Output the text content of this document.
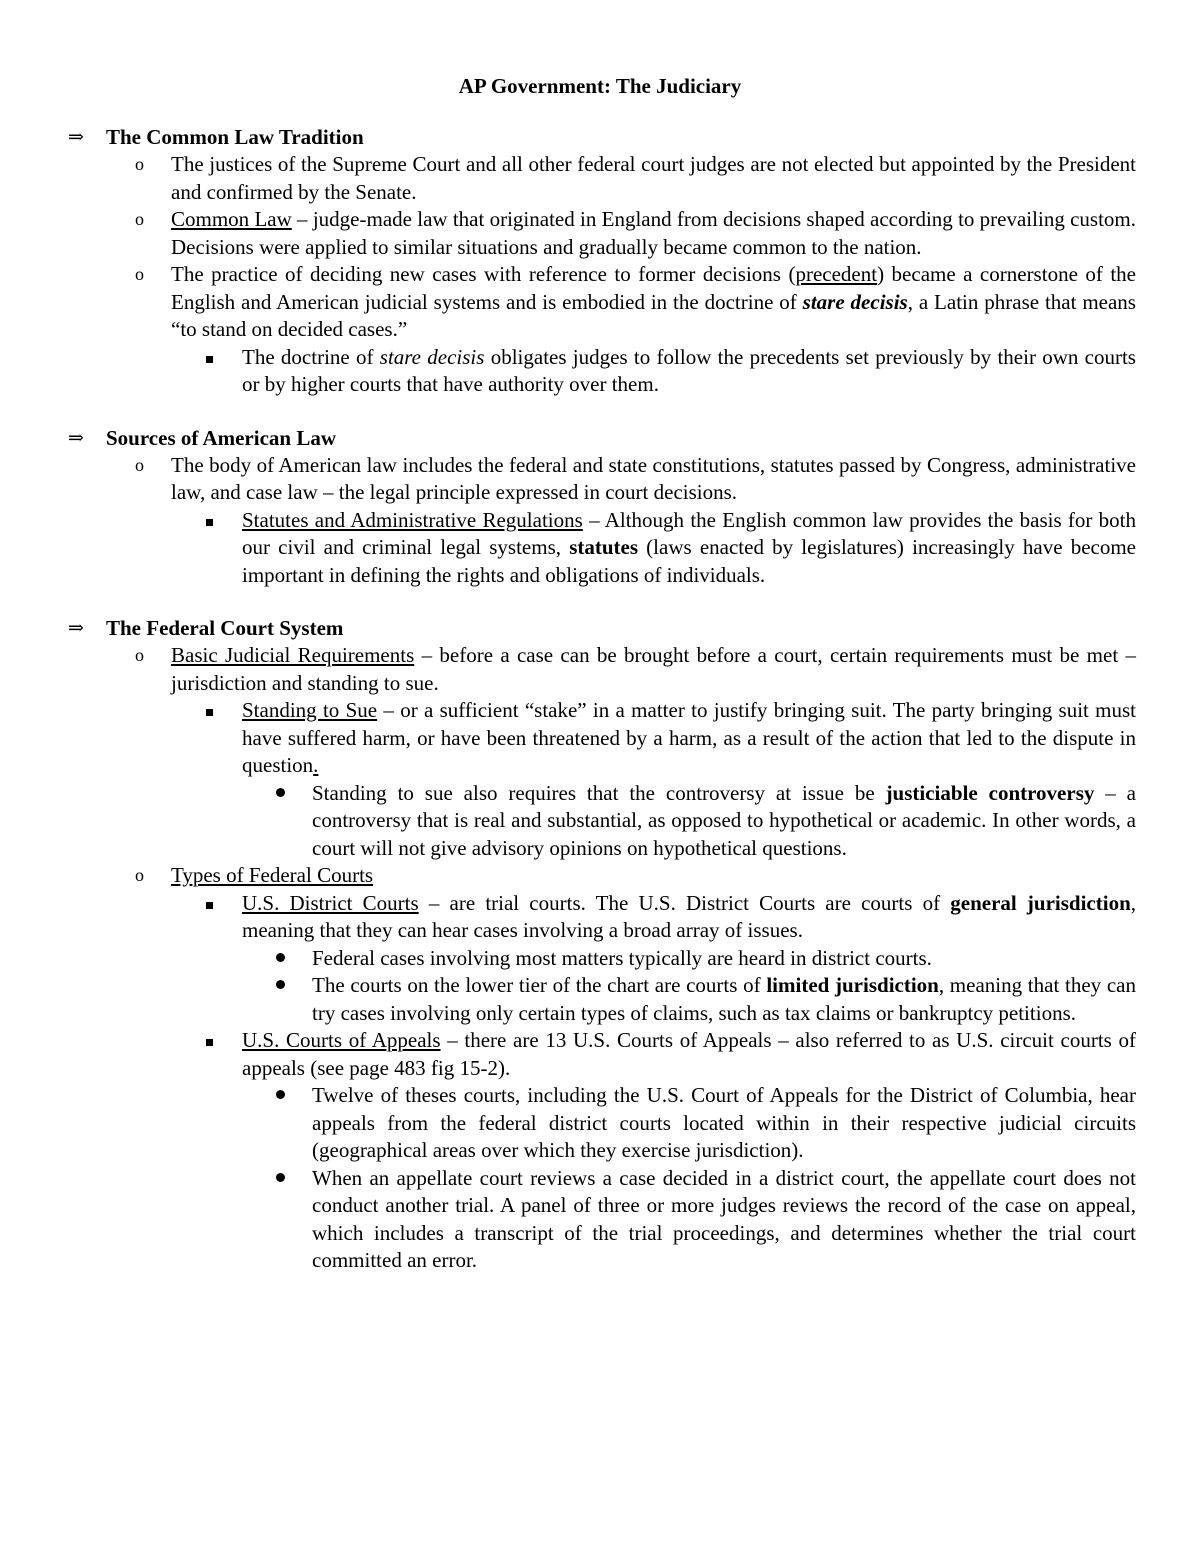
AP Government: The Judiciary
⇒ The Common Law Tradition

o The justices of the Supreme Court and all other federal court judges are not elected but appointed by the President and confirmed by the Senate.

o Common Law – judge-made law that originated in England from decisions shaped according to prevailing custom. Decisions were applied to similar situations and gradually became common to the nation.

o The practice of deciding new cases with reference to former decisions (precedent) became a cornerstone of the English and American judicial systems and is embodied in the doctrine of stare decisis, a Latin phrase that means “to stand on decided cases.”

The doctrine of stare decisis obligates judges to follow the precedents set previously by their own courts or by higher courts that have authority over them.

⇒ Sources of American Law

o The body of American law includes the federal and state constitutions, statutes passed by Congress, administrative law, and case law – the legal principle expressed in court decisions.

Statutes and Administrative Regulations – Although the English common law provides the basis for both our civil and criminal legal systems, statutes (laws enacted by legislatures) increasingly have become important in defining the rights and obligations of individuals.

⇒ The Federal Court System

o Basic Judicial Requirements – before a case can be brought before a court, certain requirements must be met – jurisdiction and standing to sue.

Standing to Sue – or a sufficient “stake” in a matter to justify bringing suit. The party bringing suit must have suffered harm, or have been threatened by a harm, as a result of the action that led to the dispute in question.

Standing to sue also requires that the controversy at issue be justiciable controversy – a controversy that is real and substantial, as opposed to hypothetical or academic. In other words, a court will not give advisory opinions on hypothetical questions.

o Types of Federal Courts

U.S. District Courts – are trial courts. The U.S. District Courts are courts of general jurisdiction, meaning that they can hear cases involving a broad array of issues.

Federal cases involving most matters typically are heard in district courts.

The courts on the lower tier of the chart are courts of limited jurisdiction, meaning that they can try cases involving only certain types of claims, such as tax claims or bankruptcy petitions.

U.S. Courts of Appeals – there are 13 U.S. Courts of Appeals – also referred to as U.S. circuit courts of appeals (see page 483 fig 15-2).

Twelve of theses courts, including the U.S. Court of Appeals for the District of Columbia, hear appeals from the federal district courts located within in their respective judicial circuits (geographical areas over which they exercise jurisdiction).

When an appellate court reviews a case decided in a district court, the appellate court does not conduct another trial. A panel of three or more judges reviews the record of the case on appeal, which includes a transcript of the trial proceedings, and determines whether the trial court committed an error.
